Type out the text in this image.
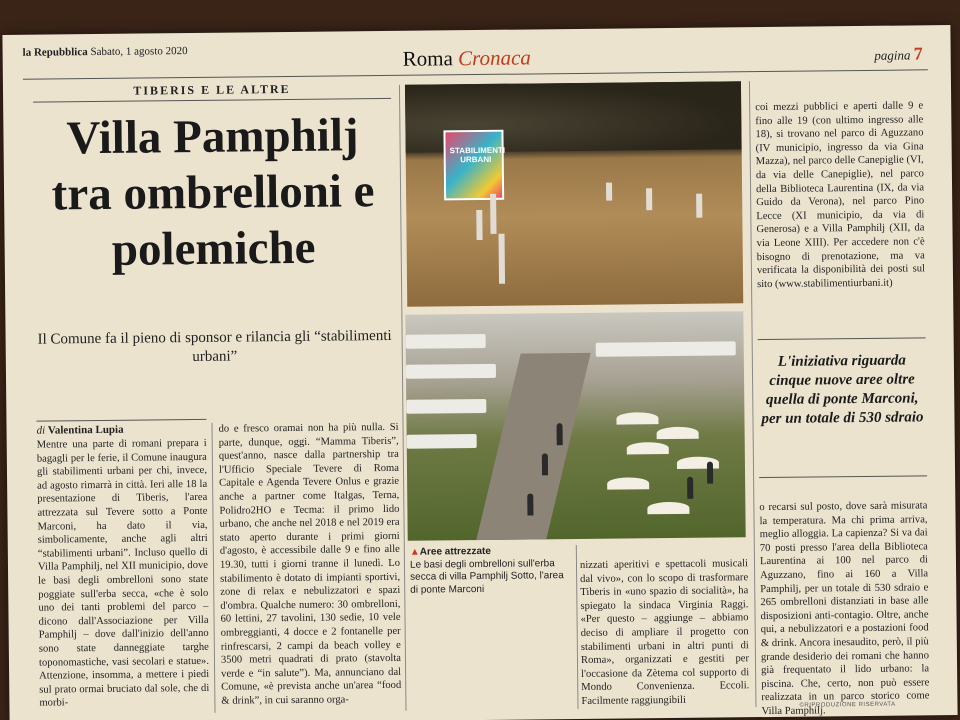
la Repubblica Sabato, 1 agosto 2020	Roma Cronaca	pagina 7
TIBERIS E LE ALTRE
Villa Pamphilj tra ombrelloni e polemiche
Il Comune fa il pieno di sponsor e rilancia gli “stabilimenti urbani”
di Valentina Lupia

Mentre una parte di romani prepara i bagagli per le ferie, il Comune inaugura gli stabilimenti urbani per chi, invece, ad agosto rimarrà in città. Ieri alle 18 la presentazione di Tiberis, l'area attrezzata sul Tevere sotto a Ponte Marconi, ha dato il via, simbolicamente, anche agli altri “stabilimenti urbani”. Incluso quello di Villa Pamphilj, nel XII municipio, dove le basi degli ombrelloni sono state poggiate sull'erba secca, «che è solo uno dei tanti problemi del parco – dicono dall'Associazione per Villa Pamphilj – dove dall'inizio dell'anno sono state danneggiate targhe toponomastiche, vasi secolari e statue». Attenzione, insomma, a mettere i piedi sul prato ormai bruciato dal sole, che di morbi-

do e fresco oramai non ha più nulla. Si parte, dunque, oggi. “Mamma Tiberis”, quest'anno, nasce dalla partnership tra l'Ufficio Speciale Tevere di Roma Capitale e Agenda Tevere Onlus e grazie anche a partner come Italgas, Terna, Polidro2HO e Tecma: il primo lido urbano, che anche nel 2018 e nel 2019 era stato aperto durante i primi giorni d'agosto, è accessibile dalle 9 e fino alle 19.30, tutti i giorni tranne il lunedì. Lo stabilimento è dotato di impianti sportivi, zone di relax e nebulizzatori e spazi d'ombra. Qualche numero: 30 ombrelloni, 60 lettini, 27 tavolini, 130 sedie, 10 vele ombreggianti, 4 docce e 2 fontanelle per rinfrescarsi, 2 campi da beach volley e 3500 metri quadrati di prato (stavolta verde e “in salute”). Ma, annunciano dal Comune, «è prevista anche un'area “food & drink”, in cui saranno orga-

STABILIMENTI URBANI
▲Aree attrezzate
Le basi degli ombrelloni sull'erba secca di villa Pamphilj Sotto, l'area di ponte Marconi

nizzati aperitivi e spettacoli musicali dal vivo», con lo scopo di trasformare Tiberis in «uno spazio di socialità», ha spiegato la sindaca Virginia Raggi. «Per questo – aggiunge – abbiamo deciso di ampliare il progetto con stabilimenti urbani in altri punti di Roma», organizzati e gestiti per l'occasione da Zètema col supporto di Mondo Convenienza. Eccoli. Facilmente raggiungibili

coi mezzi pubblici e aperti dalle 9 e fino alle 19 (con ultimo ingresso alle 18), si trovano nel parco di Aguzzano (IV municipio, ingresso da via Gina Mazza), nel parco delle Canepiglie (VI, da via delle Canepiglie), nel parco della Biblioteca Laurentina (IX, da via Guido da Verona), nel parco Pino Lecce (XI municipio, da via di Generosa) e a Villa Pamphilj (XII, da via Leone XIII). Per accedere non c'è bisogno di prenotazione, ma va verificata la disponibilità dei posti sul sito (www.stabilimentiurbani.it)

L'iniziativa riguarda cinque nuove aree oltre quella di ponte Marconi, per un totale di 530 sdraio

o recarsi sul posto, dove sarà misurata la temperatura. Ma chi prima arriva, meglio alloggia. La capienza? Si va dai 70 posti presso l'area della Biblioteca Laurentina ai 100 nel parco di Aguzzano, fino ai 160 a Villa Pamphilj, per un totale di 530 sdraio e 265 ombrelloni distanziati in base alle disposizioni anti-contagio. Oltre, anche qui, a nebulizzatori e a postazioni food & drink. Ancora inesaudito, però, il più grande desiderio dei romani che hanno già frequentato il lido urbano: la piscina. Che, certo, non può essere realizzata in un parco storico come Villa Pamphilj.

©RIPRODUZIONE RISERVATA
